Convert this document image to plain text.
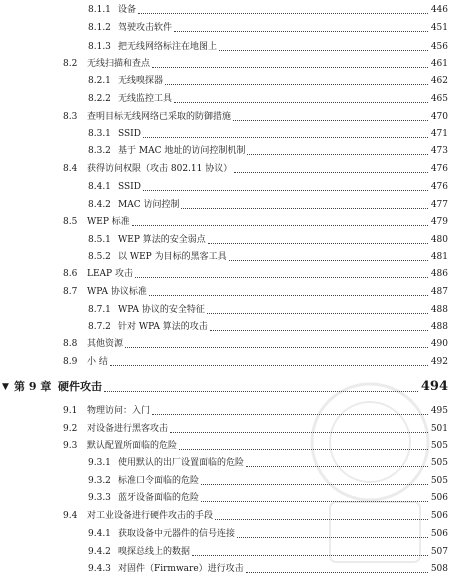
8.1.1 设备	446
8.1.2 驾驶攻击软件	451
8.1.3 把无线网络标注在地图上	456
8.2 无线扫描和查点	461
8.2.1 无线嗅探器	462
8.2.2 无线监控工具	465
8.3 查明目标无线网络已采取的防御措施	470
8.3.1 SSID	471
8.3.2 基于 MAC 地址的访问控制机制	473
8.4 获得访问权限（攻击 802.11 协议）	476
8.4.1 SSID	476
8.4.2 MAC 访问控制	477
8.5 WEP 标准	479
8.5.1 WEP 算法的安全弱点	480
8.5.2 以 WEP 为目标的黑客工具	481
8.6 LEAP 攻击	486
8.7 WPA 协议标准	487
8.7.1 WPA 协议的安全特征	488
8.7.2 针对 WPA 算法的攻击	488
8.8 其他资源	490
8.9 小 结	492
▼ 第 9 章 硬件攻击	494
9.1 物理访问：入门	495
9.2 对设备进行黑客攻击	501
9.3 默认配置所面临的危险	505
9.3.1 使用默认的出厂设置面临的危险	505
9.3.2 标准口令面临的危险	505
9.3.3 蓝牙设备面临的危险	506
9.4 对工业设备进行硬件攻击的手段	506
9.4.1 获取设备中元器件的信号连接	506
9.4.2 嗅探总线上的数据	507
9.4.3 对固件（Firmware）进行攻击	508
